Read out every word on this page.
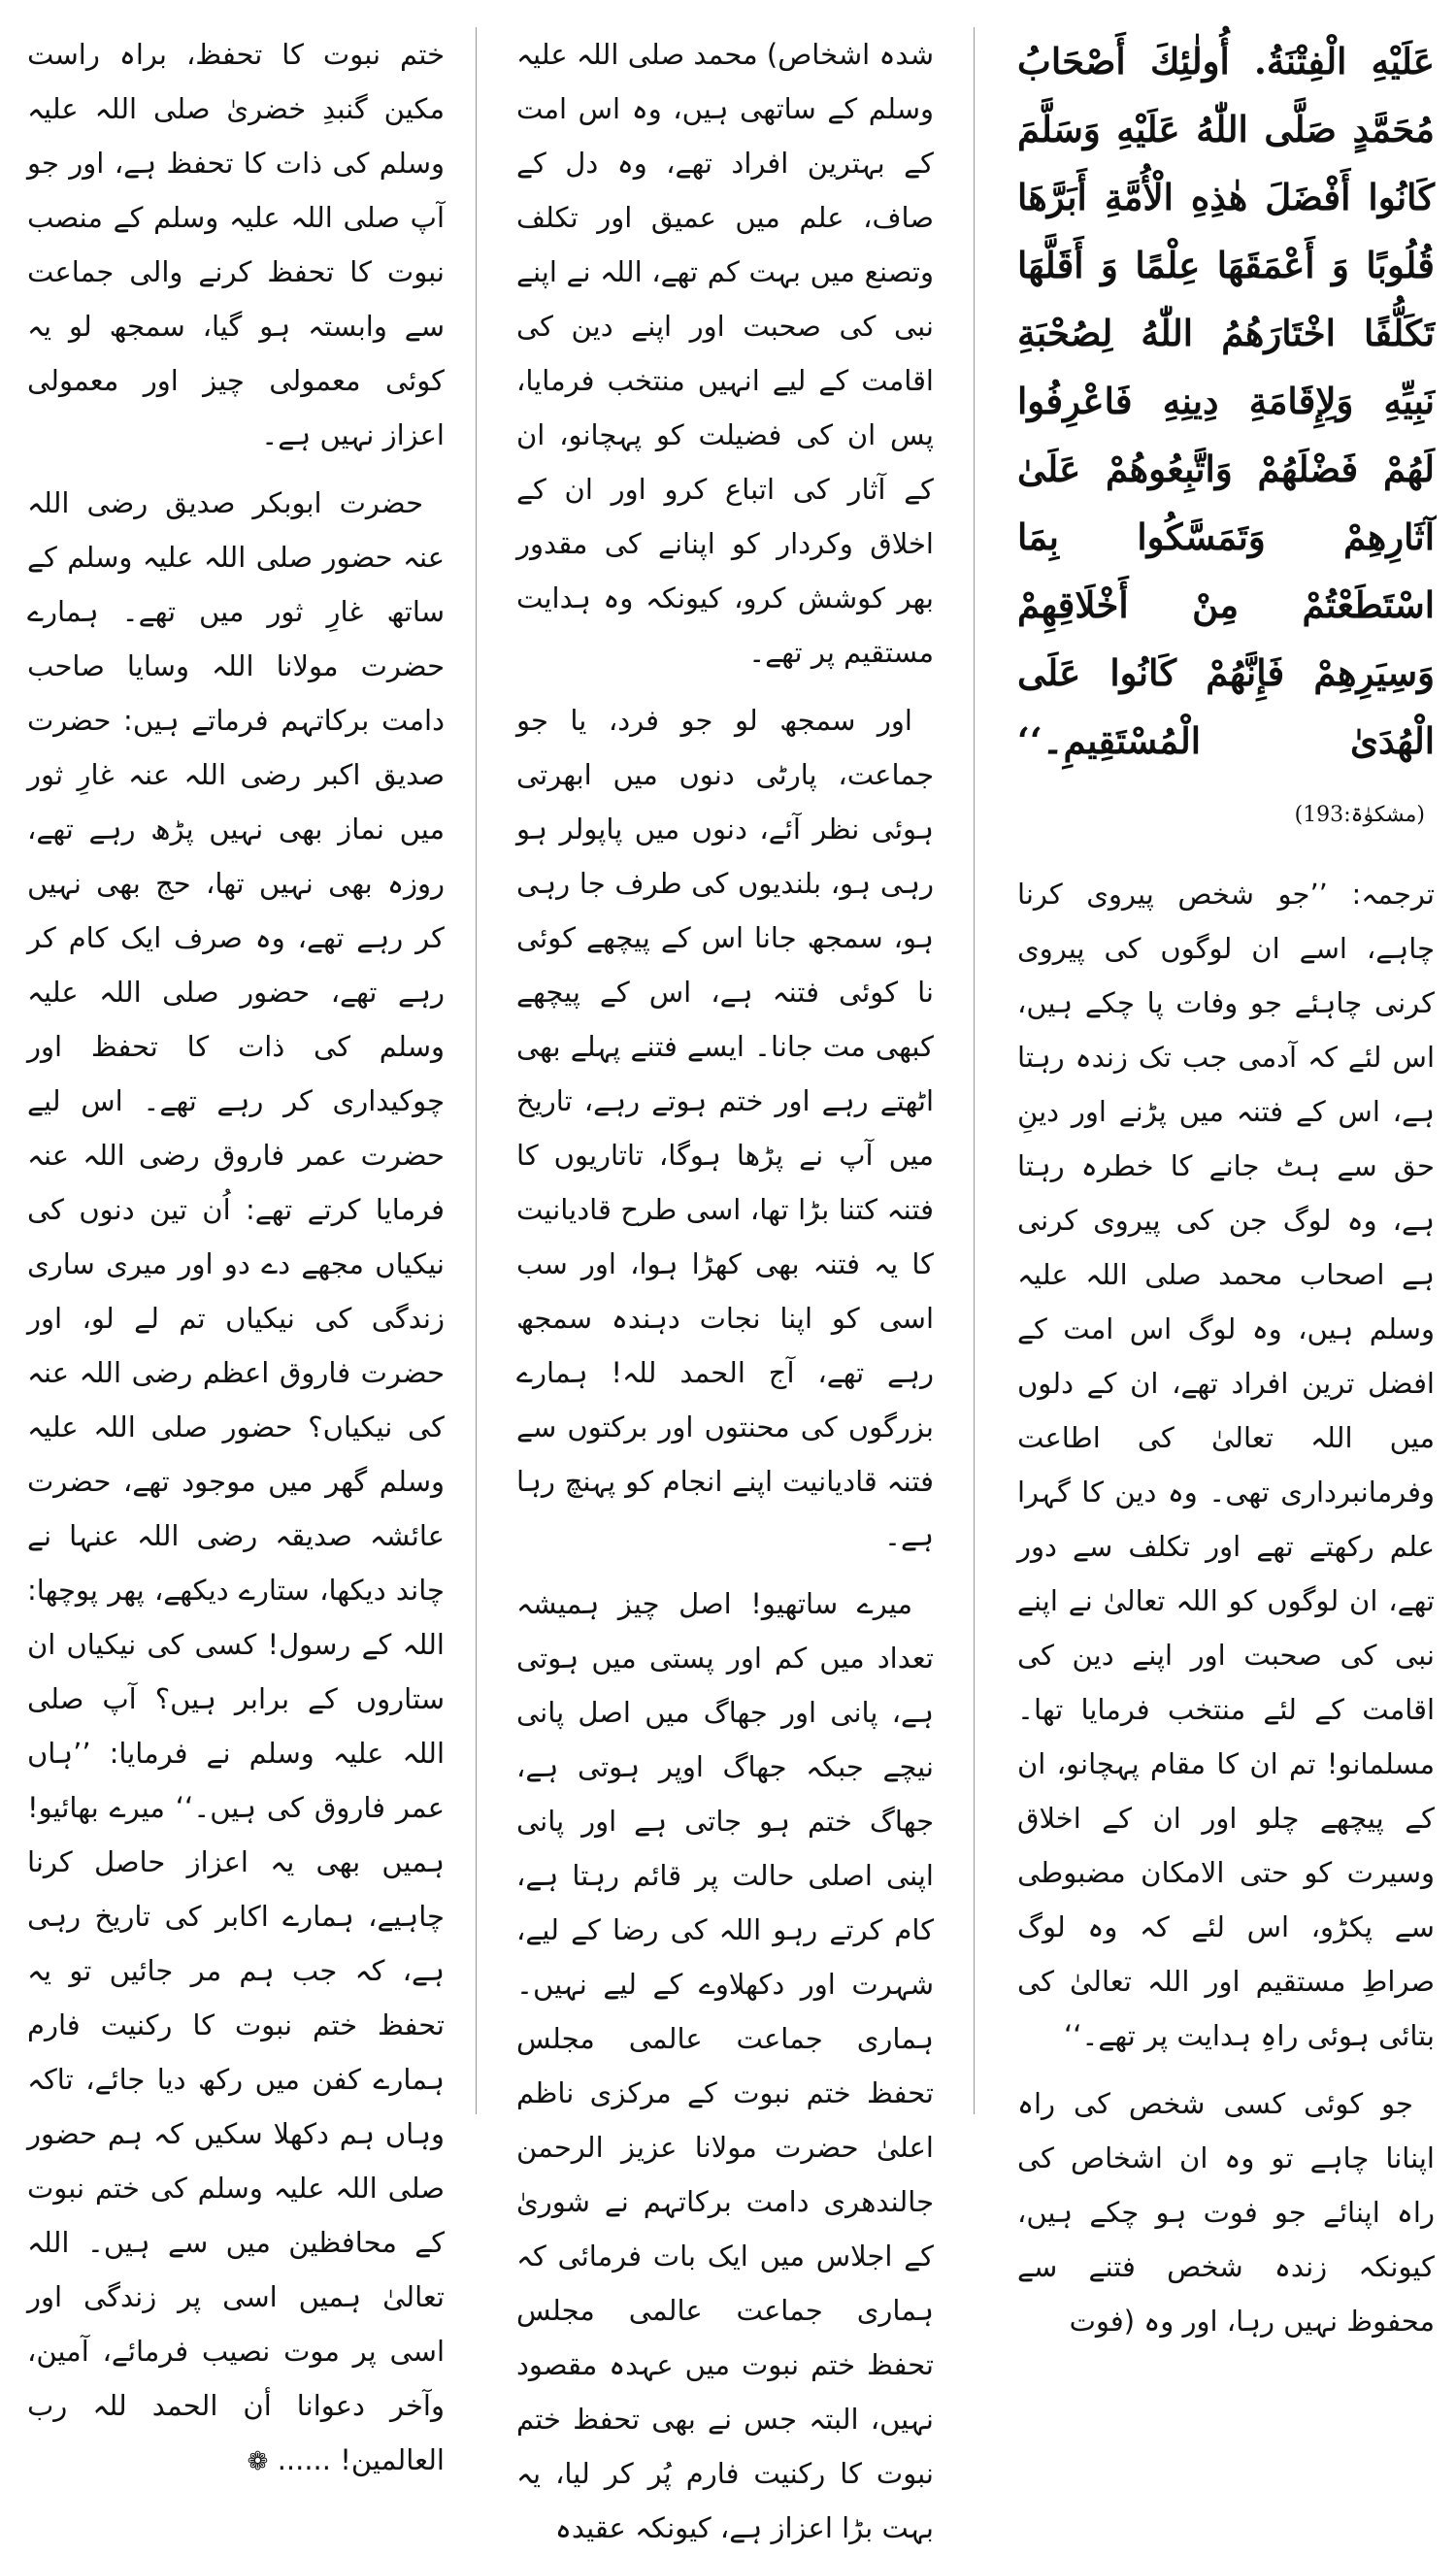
عَلَيْهِ الْفِتْنَةُ. أُولٰئِكَ أَصْحَابُ مُحَمَّدٍ صَلَّى اللّٰهُ عَلَيْهِ وَسَلَّمَ كَانُوا أَفْضَلَ هٰذِهِ الْأُمَّةِ أَبَرَّهَا قُلُوبًا وَ أَعْمَقَهَا عِلْمًا وَ أَقَلَّهَا تَكَلُّفًا اخْتَارَهُمُ اللّٰهُ لِصُحْبَةِ نَبِيِّهِ وَلِإِقَامَةِ دِينِهِ فَاعْرِفُوا لَهُمْ فَضْلَهُمْ وَاتَّبِعُوهُمْ عَلَىٰ آثَارِهِمْ وَتَمَسَّكُوا بِمَا اسْتَطَعْتُمْ مِنْ أَخْلَاقِهِمْ وَسِيَرِهِمْ فَإِنَّهُمْ كَانُوا عَلَى الْهُدَىٰ الْمُسْتَقِيمِ۔‘‘ (مشکوٰۃ:193)

ترجمہ: ’’جو شخص پیروی کرنا چاہے، اسے ان لوگوں کی پیروی کرنی چاہئے جو وفات پا چکے ہیں، اس لئے کہ آدمی جب تک زندہ رہتا ہے، اس کے فتنہ میں پڑنے اور دینِ حق سے ہٹ جانے کا خطرہ رہتا ہے، وہ لوگ جن کی پیروی کرنی ہے اصحاب محمد صلی اللہ علیہ وسلم ہیں، وہ لوگ اس امت کے افضل ترین افراد تھے، ان کے دلوں میں اللہ تعالیٰ کی اطاعت وفرمانبرداری تھی۔ وہ دین کا گہرا علم رکھتے تھے اور تکلف سے دور تھے، ان لوگوں کو اللہ تعالیٰ نے اپنے نبی کی صحبت اور اپنے دین کی اقامت کے لئے منتخب فرمایا تھا۔ مسلمانو! تم ان کا مقام پہچانو، ان کے پیچھے چلو اور ان کے اخلاق وسیرت کو حتی الامکان مضبوطی سے پکڑو، اس لئے کہ وہ لوگ صراطِ مستقیم اور اللہ تعالیٰ کی بتائی ہوئی راہِ ہدایت پر تھے۔‘‘

جو کوئی کسی شخص کی راہ اپنانا چاہے تو وہ ان اشخاص کی راہ اپنائے جو فوت ہو چکے ہیں، کیونکہ زندہ شخص فتنے سے محفوظ نہیں رہا، اور وہ (فوت

شدہ اشخاص) محمد صلی اللہ علیہ وسلم کے ساتھی ہیں، وہ اس امت کے بہترین افراد تھے، وہ دل کے صاف، علم میں عمیق اور تکلف وتصنع میں بہت کم تھے، اللہ نے اپنے نبی کی صحبت اور اپنے دین کی اقامت کے لیے انہیں منتخب فرمایا، پس ان کی فضیلت کو پہچانو، ان کے آثار کی اتباع کرو اور ان کے اخلاق وکردار کو اپنانے کی مقدور بھر کوشش کرو، کیونکہ وہ ہدایت مستقیم پر تھے۔

اور سمجھ لو جو فرد، یا جو جماعت، پارٹی دنوں میں ابھرتی ہوئی نظر آئے، دنوں میں پاپولر ہو رہی ہو، بلندیوں کی طرف جا رہی ہو، سمجھ جانا اس کے پیچھے کوئی نا کوئی فتنہ ہے، اس کے پیچھے کبھی مت جانا۔ ایسے فتنے پہلے بھی اٹھتے رہے اور ختم ہوتے رہے، تاریخ میں آپ نے پڑھا ہوگا، تاتاریوں کا فتنہ کتنا بڑا تھا، اسی طرح قادیانیت کا یہ فتنہ بھی کھڑا ہوا، اور سب اسی کو اپنا نجات دہندہ سمجھ رہے تھے، آج الحمد للہ! ہمارے بزرگوں کی محنتوں اور برکتوں سے فتنہ قادیانیت اپنے انجام کو پہنچ رہا ہے۔

میرے ساتھیو! اصل چیز ہمیشہ تعداد میں کم اور پستی میں ہوتی ہے، پانی اور جھاگ میں اصل پانی نیچے جبکہ جھاگ اوپر ہوتی ہے، جھاگ ختم ہو جاتی ہے اور پانی اپنی اصلی حالت پر قائم رہتا ہے، کام کرتے رہو اللہ کی رضا کے لیے، شہرت اور دکھلاوے کے لیے نہیں۔ ہماری جماعت عالمی مجلس تحفظ ختم نبوت کے مرکزی ناظم اعلیٰ حضرت مولانا عزیز الرحمن جالندھری دامت برکاتہم نے شوریٰ کے اجلاس میں ایک بات فرمائی کہ ہماری جماعت عالمی مجلس تحفظ ختم نبوت میں عہدہ مقصود نہیں، البتہ جس نے بھی تحفظ ختم نبوت کا رکنیت فارم پُر کر لیا، یہ بہت بڑا اعزاز ہے، کیونکہ عقیدہ

ختم نبوت کا تحفظ، براہ راست مکین گنبدِ خضریٰ صلی اللہ علیہ وسلم کی ذات کا تحفظ ہے، اور جو آپ صلی اللہ علیہ وسلم کے منصب نبوت کا تحفظ کرنے والی جماعت سے وابستہ ہو گیا، سمجھ لو یہ کوئی معمولی چیز اور معمولی اعزاز نہیں ہے۔

حضرت ابوبکر صدیق رضی اللہ عنہ حضور صلی اللہ علیہ وسلم کے ساتھ غارِ ثور میں تھے۔ ہمارے حضرت مولانا اللہ وسایا صاحب دامت برکاتہم فرماتے ہیں: حضرت صدیق اکبر رضی اللہ عنہ غارِ ثور میں نماز بھی نہیں پڑھ رہے تھے، روزہ بھی نہیں تھا، حج بھی نہیں کر رہے تھے، وہ صرف ایک کام کر رہے تھے، حضور صلی اللہ علیہ وسلم کی ذات کا تحفظ اور چوکیداری کر رہے تھے۔ اس لیے حضرت عمر فاروق رضی اللہ عنہ فرمایا کرتے تھے: اُن تین دنوں کی نیکیاں مجھے دے دو اور میری ساری زندگی کی نیکیاں تم لے لو، اور حضرت فاروق اعظم رضی اللہ عنہ کی نیکیاں؟ حضور صلی اللہ علیہ وسلم گھر میں موجود تھے، حضرت عائشہ صدیقہ رضی اللہ عنہا نے چاند دیکھا، ستارے دیکھے، پھر پوچھا: اللہ کے رسول! کسی کی نیکیاں ان ستاروں کے برابر ہیں؟ آپ صلی اللہ علیہ وسلم نے فرمایا: ’’ہاں عمر فاروق کی ہیں۔‘‘ میرے بھائیو! ہمیں بھی یہ اعزاز حاصل کرنا چاہیے، ہمارے اکابر کی تاریخ رہی ہے، کہ جب ہم مر جائیں تو یہ تحفظ ختم نبوت کا رکنیت فارم ہمارے کفن میں رکھ دیا جائے، تاکہ وہاں ہم دکھلا سکیں کہ ہم حضور صلی اللہ علیہ وسلم کی ختم نبوت کے محافظین میں سے ہیں۔ اللہ تعالیٰ ہمیں اسی پر زندگی اور اسی پر موت نصیب فرمائے، آمین، وآخر دعوانا أن الحمد للہ رب العالمین! ...... ❁
